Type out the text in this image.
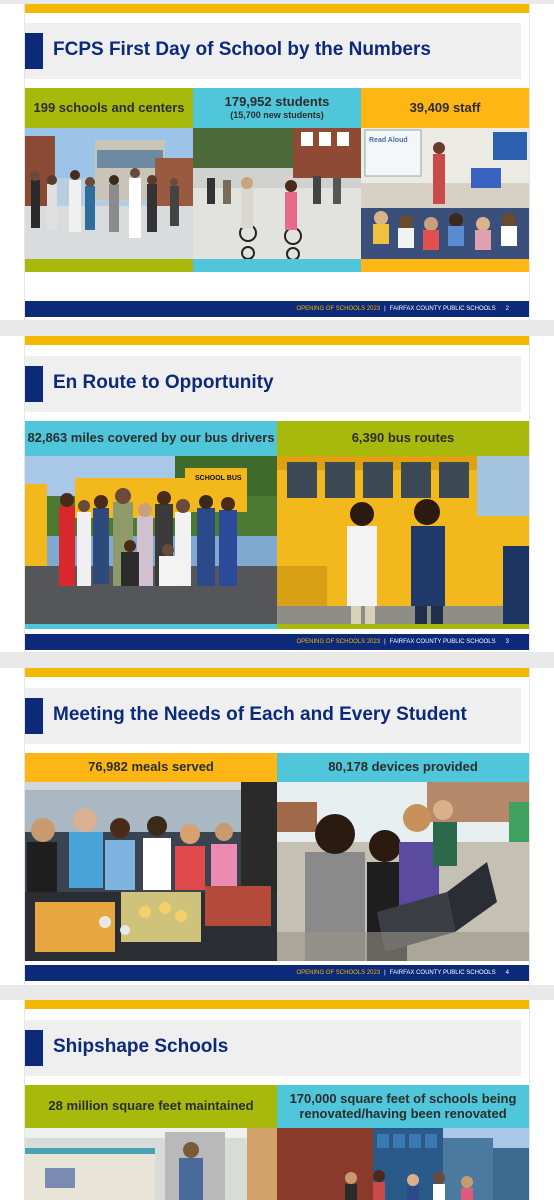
FCPS First Day of School by the Numbers
199 schools and centers	179,952 students
(15,700 new students)
39,409 staff
Read Aloud
OPENING OF SCHOOLS 2023 | FAIRFAX COUNTY PUBLIC SCHOOLS 2
En Route to Opportunity
82,863 miles covered by our bus drivers
SCHOOL BUS
6,390 bus routes
OPENING OF SCHOOLS 2023 | FAIRFAX COUNTY PUBLIC SCHOOLS 3
Meeting the Needs of Each and Every Student
76,982 meals served	80,178 devices provided
OPENING OF SCHOOLS 2023 | FAIRFAX COUNTY PUBLIC SCHOOLS 4
Shipshape Schools
28 million square feet maintained	170,000 square feet of schools being renovated/having been renovated
